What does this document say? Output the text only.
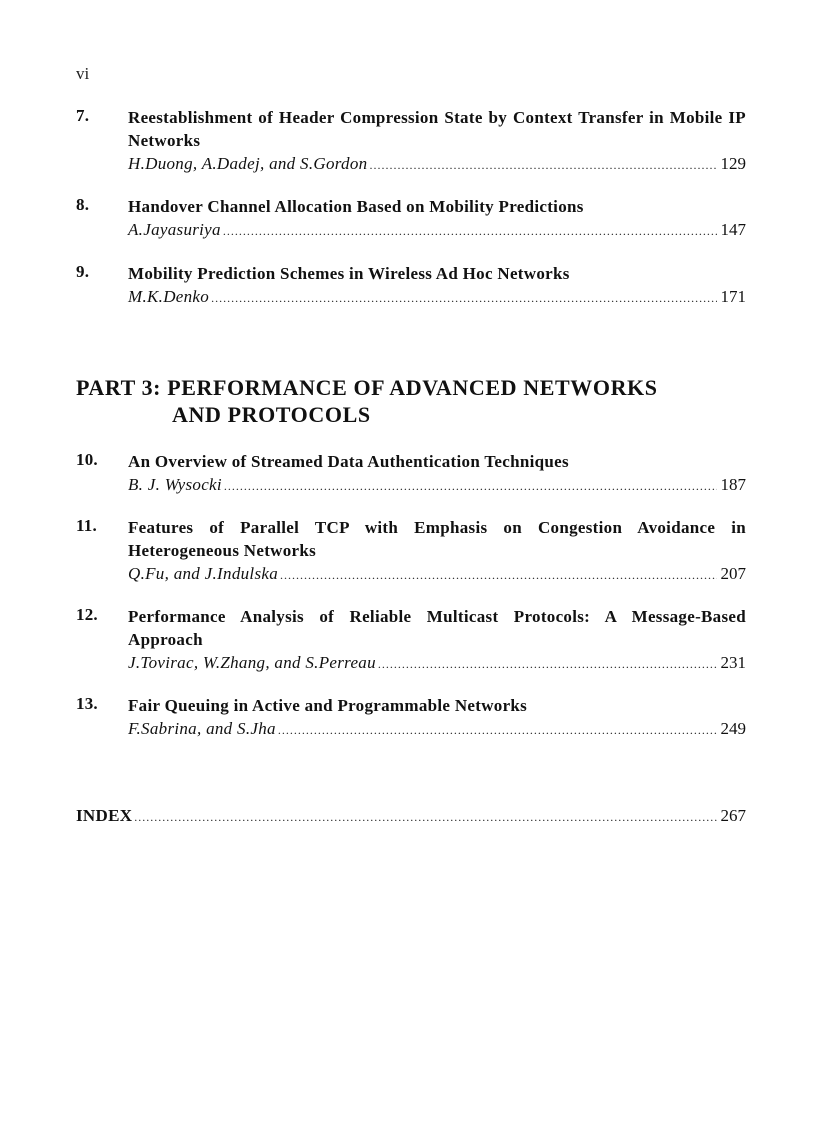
vi
7. Reestablishment of Header Compression State by Context Transfer in Mobile IP Networks
H.Duong, A.Dadej, and S.Gordon .....	129
8. Handover Channel Allocation Based on Mobility Predictions
A.Jayasuriya .....	147
9. Mobility Prediction Schemes in Wireless Ad Hoc Networks
M.K.Denko .....	171
PART 3: PERFORMANCE OF ADVANCED NETWORKS
AND PROTOCOLS
10. An Overview of Streamed Data Authentication Techniques
B. J. Wysocki .....	187
11. Features of Parallel TCP with Emphasis on Congestion Avoidance in Heterogeneous Networks
Q.Fu, and J.Indulska .....	207
12. Performance Analysis of Reliable Multicast Protocols: A Message-Based Approach
J.Tovirac, W.Zhang, and S.Perreau .....	231
13. Fair Queuing in Active and Programmable Networks
F.Sabrina, and S.Jha .....	249
INDEX .....	267
